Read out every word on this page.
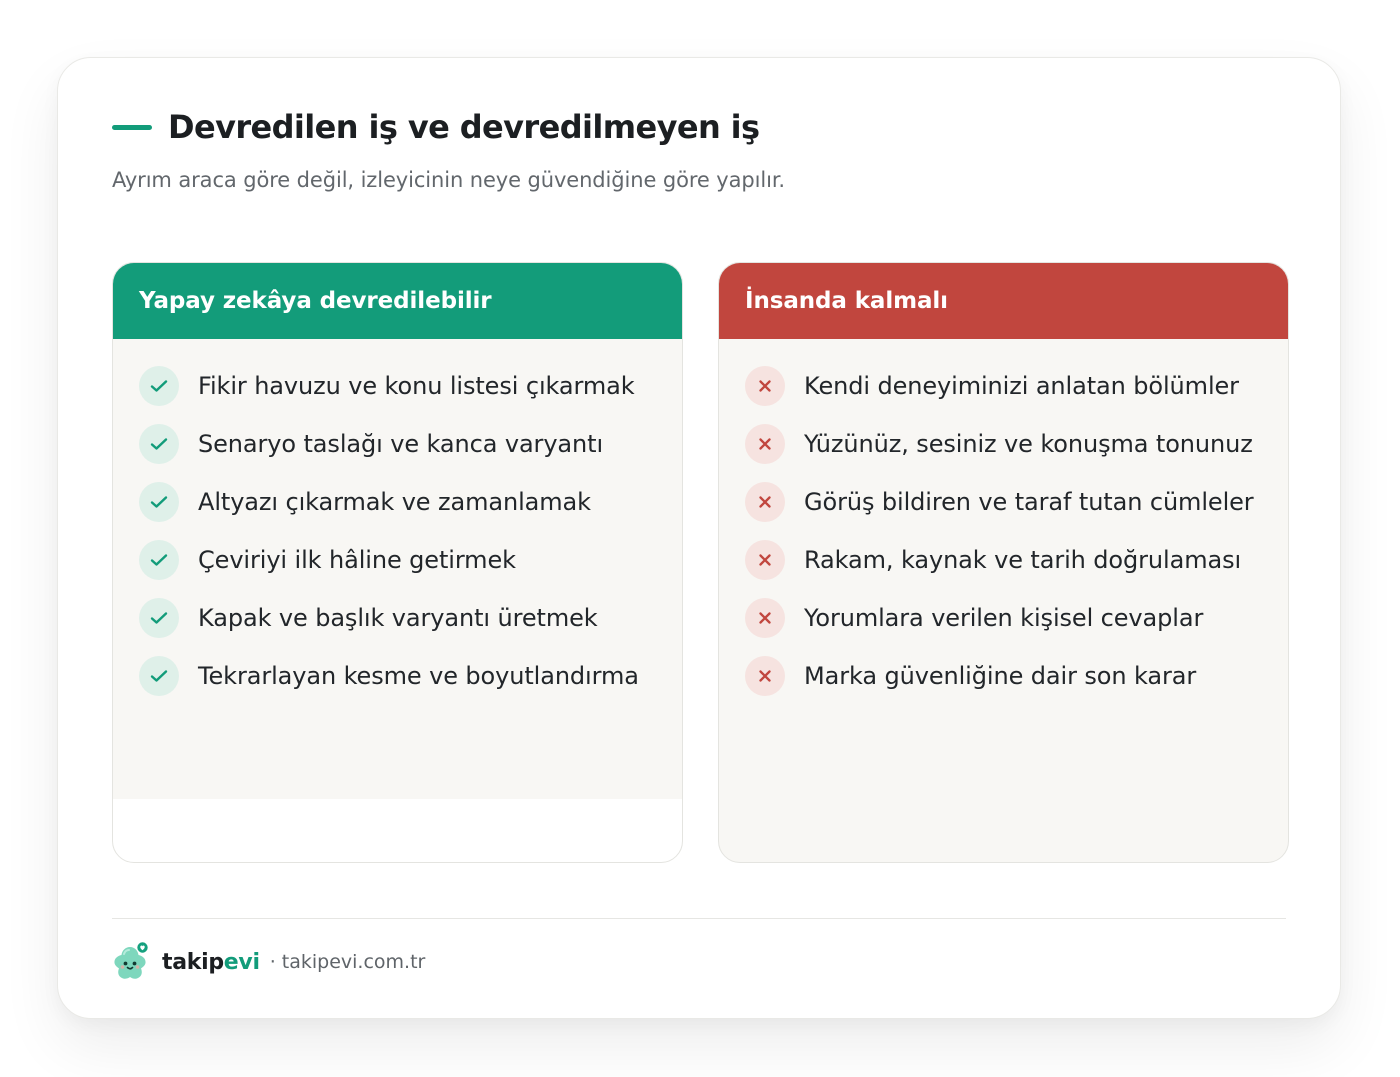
Devredilen iş ve devredilmeyen iş
Ayrım araca göre değil, izleyicinin neye güvendiğine göre yapılır.
Yapay zekâya devredilebilir
Fikir havuzu ve konu listesi çıkarmak
Senaryo taslağı ve kanca varyantı
Altyazı çıkarmak ve zamanlamak
Çeviriyi ilk hâline getirmek
Kapak ve başlık varyantı üretmek
Tekrarlayan kesme ve boyutlandırma
İnsanda kalmalı
Kendi deneyiminizi anlatan bölümler
Yüzünüz, sesiniz ve konuşma tonunuz
Görüş bildiren ve taraf tutan cümleler
Rakam, kaynak ve tarih doğrulaması
Yorumlara verilen kişisel cevaplar
Marka güvenliğine dair son karar
takipevi · takipevi.com.tr
